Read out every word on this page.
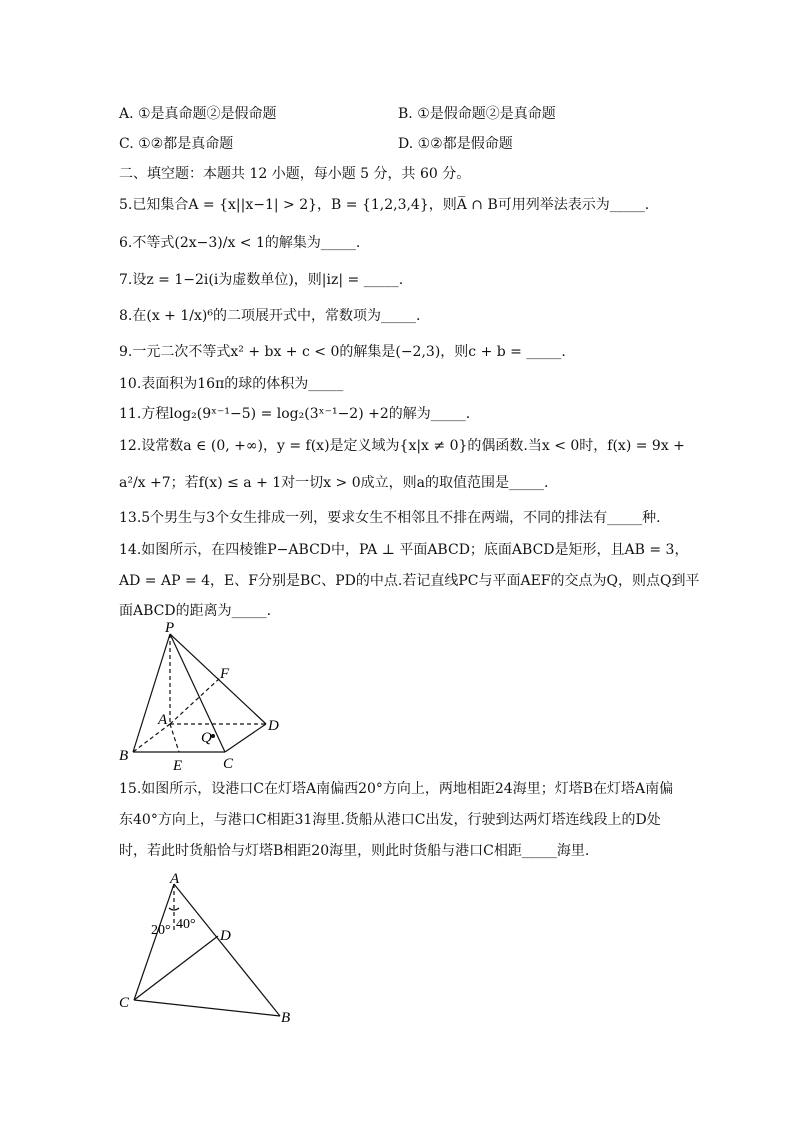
A. ①是真命题②是假命题	B. ①是假命题②是真命题
C. ①②都是真命题	D. ①②都是假命题
二、填空题：本题共 12 小题，每小题 5 分，共 60 分。
5.已知集合A = {x||x−1| > 2}，B = {1,2,3,4}，则A̅ ∩ B可用列举法表示为_____.
6.不等式(2x−3)/x < 1的解集为_____.
7.设z = 1−2i(i为虚数单位)，则|iz| = _____.
8.在(x + 1/x)⁶的二项展开式中，常数项为_____.
9.一元二次不等式x² + bx + c < 0的解集是(−2,3)，则c + b = _____.
10.表面积为16π的球的体积为_____
11.方程log₂(9ˣ⁻¹−5) = log₂(3ˣ⁻¹−2) +2的解为_____.
12.设常数a ∈ (0, +∞)，y = f(x)是定义域为{x|x ≠ 0}的偶函数.当x < 0时，f(x) = 9x +
a²/x +7；若f(x) ≤ a + 1对一切x > 0成立，则a的取值范围是_____.
13.5个男生与3个女生排成一列，要求女生不相邻且不排在两端，不同的排法有_____种.
14.如图所示，在四棱锥P−ABCD中，PA ⊥ 平面ABCD；底面ABCD是矩形，且AB = 3，
AD = AP = 4，E、F分别是BC、PD的中点.若记直线PC与平面AEF的交点为Q，则点Q到平
面ABCD的距离为_____.
P
F
A	D
Q
B
E	C
15.如图所示，设港口C在灯塔A南偏西20°方向上，两地相距24海里；灯塔B在灯塔A南偏
东40°方向上，与港口C相距31海里.货船从港口C出发，行驶到达两灯塔连线段上的D处
时，若此时货船恰与灯塔B相距20海里，则此时货船与港口C相距_____海里.
A
D
C
B
20° 40°
